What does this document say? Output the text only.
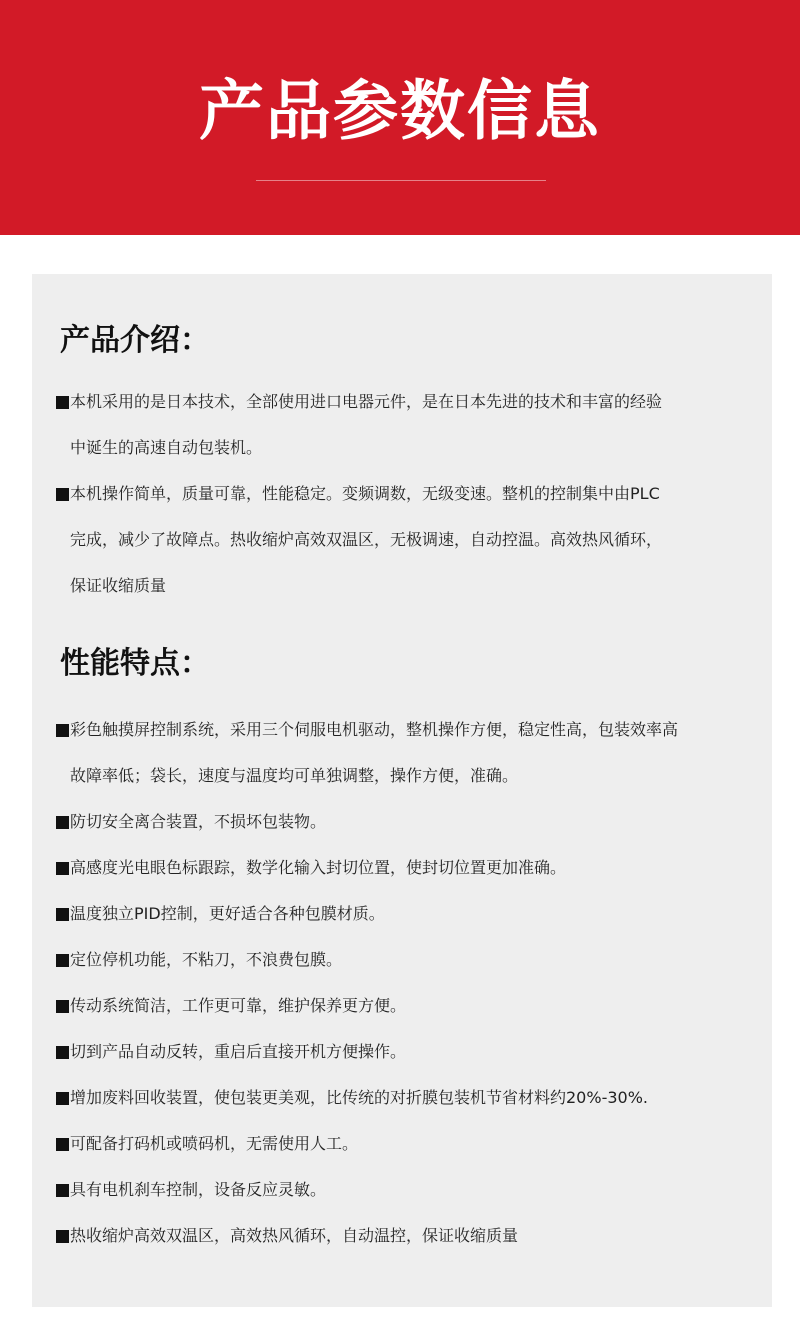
产品参数信息
产品介绍：
本机采用的是日本技术，全部使用进口电器元件，是在日本先进的技术和丰富的经验
中诞生的高速自动包装机。
本机操作简单，质量可靠，性能稳定。变频调数，无级变速。整机的控制集中由PLC
完成，减少了故障点。热收缩炉高效双温区，无极调速，自动控温。高效热风循环，
保证收缩质量
性能特点：
彩色触摸屏控制系统，采用三个伺服电机驱动，整机操作方便，稳定性高，包装效率高
故障率低；袋长，速度与温度均可单独调整，操作方便，准确。
防切安全离合装置，不损坏包装物。
高感度光电眼色标跟踪，数学化输入封切位置，使封切位置更加准确。
温度独立PID控制，更好适合各种包膜材质。
定位停机功能，不粘刀，不浪费包膜。
传动系统简洁，工作更可靠，维护保养更方便。
切到产品自动反转，重启后直接开机方便操作。
增加废料回收装置，使包装更美观，比传统的对折膜包装机节省材料约20%-30%.
可配备打码机或喷码机，无需使用人工。
具有电机刹车控制，设备反应灵敏。
热收缩炉高效双温区，高效热风循环，自动温控，保证收缩质量
